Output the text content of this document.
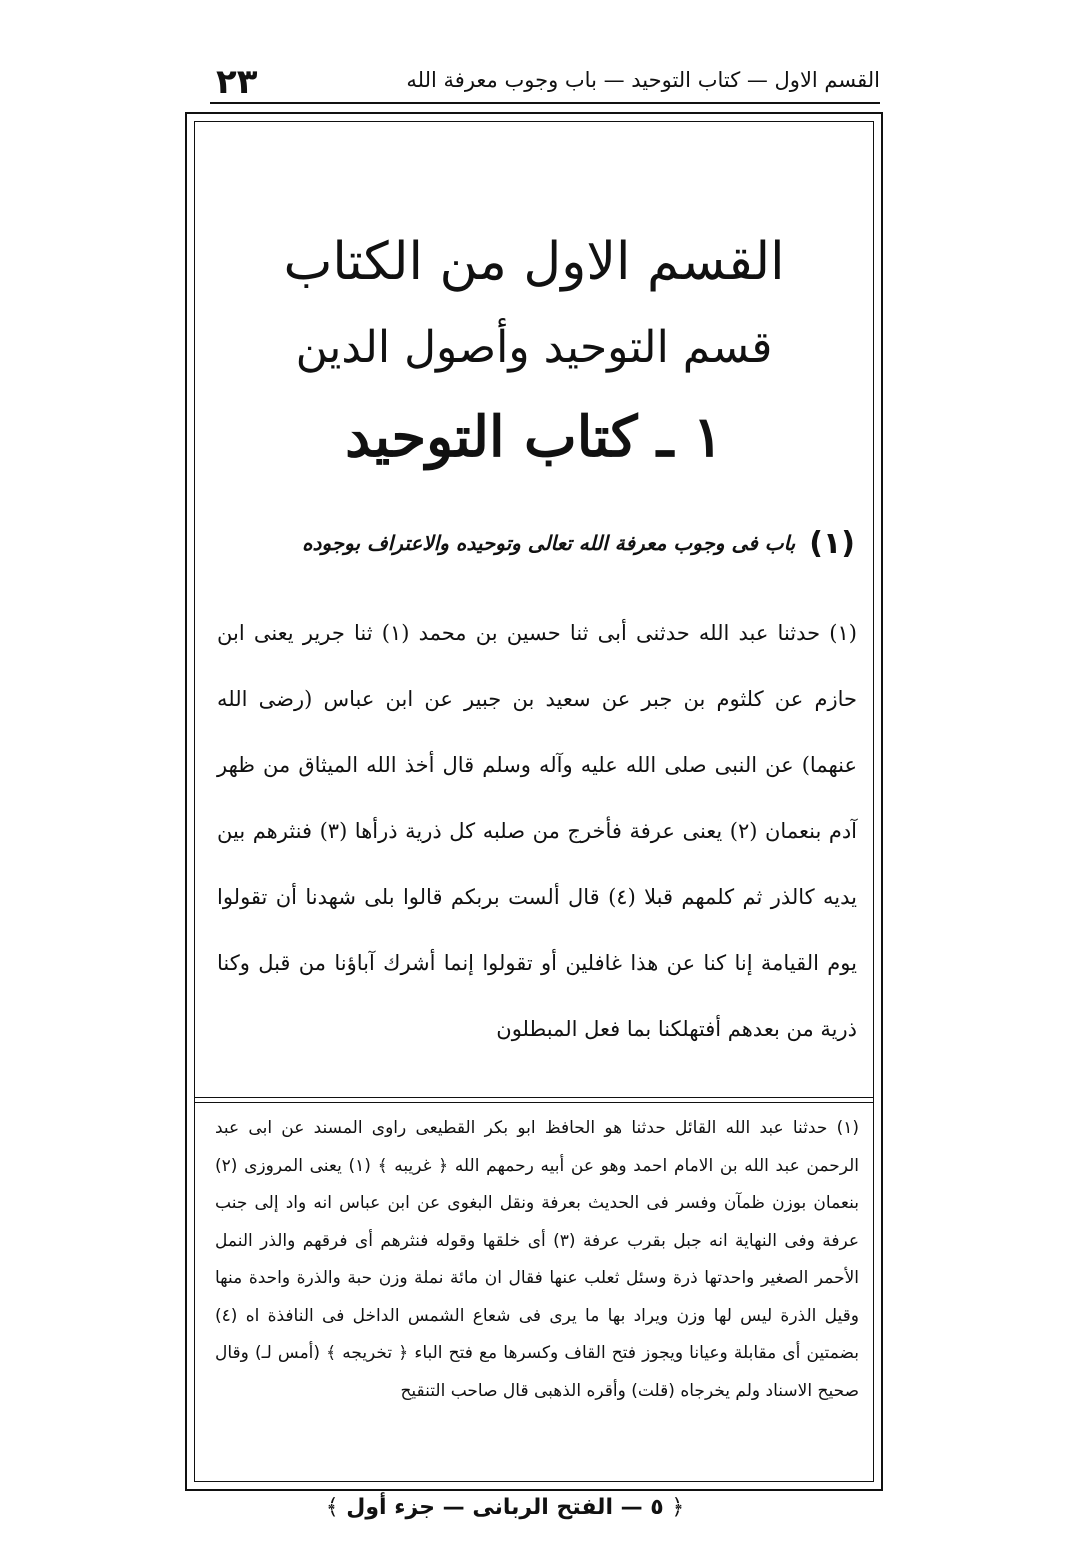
٢٣	القسم الاول — كتاب التوحيد — باب وجوب معرفة الله
القسم الاول من الكتاب
قسم التوحيد وأصول الدين
١ ـ كتاب التوحيد
(١)
باب فى وجوب معرفة الله تعالى وتوحيده والاعتراف بوجوده
(١) حدثنا عبد الله حدثنى أبى ثنا حسين بن محمد (١) ثنا جرير يعنى ابن حازم عن كلثوم بن جبر عن سعيد بن جبير عن ابن عباس (رضى الله عنهما) عن النبى صلى الله عليه وآله وسلم قال أخذ الله الميثاق من ظهر آدم بنعمان (٢) يعنى عرفة فأخرج من صلبه كل ذرية ذرأها (٣) فنثرهم بين يديه كالذر ثم كلمهم قبلا (٤) قال ألست بربكم قالوا بلى شهدنا أن تقولوا يوم القيامة إنا كنا عن هذا غافلين أو تقولوا إنما أشرك آباؤنا من قبل وكنا ذرية من بعدهم أفتهلكنا بما فعل المبطلون
(١) حدثنا عبد الله القائل حدثنا هو الحافظ ابو بكر القطيعى راوى المسند عن ابى عبد الرحمن عبد الله بن الامام احمد وهو عن أبيه رحمهم الله ﴿ غريبه ﴾ (١) يعنى المروزى (٢) بنعمان بوزن ظمآن وفسر فى الحديث بعرفة ونقل البغوى عن ابن عباس انه واد إلى جنب عرفة وفى النهاية انه جبل بقرب عرفة (٣) أى خلقها وقوله فنثرهم أى فرقهم والذر النمل الأحمر الصغير واحدتها ذرة وسئل ثعلب عنها فقال ان مائة نملة وزن حبة والذرة واحدة منها وقيل الذرة ليس لها وزن ويراد بها ما يرى فى شعاع الشمس الداخل فى النافذة اه (٤) بضمتين أى مقابلة وعيانا ويجوز فتح القاف وكسرها مع فتح الباء ﴿ تخريجه ﴾ (أمس لـ) وقال صحيح الاسناد ولم يخرجاه (قلت) وأقره الذهبى قال صاحب التنقيح
﴿ ٥ — الفتح الربانى — جزء أول ﴾
